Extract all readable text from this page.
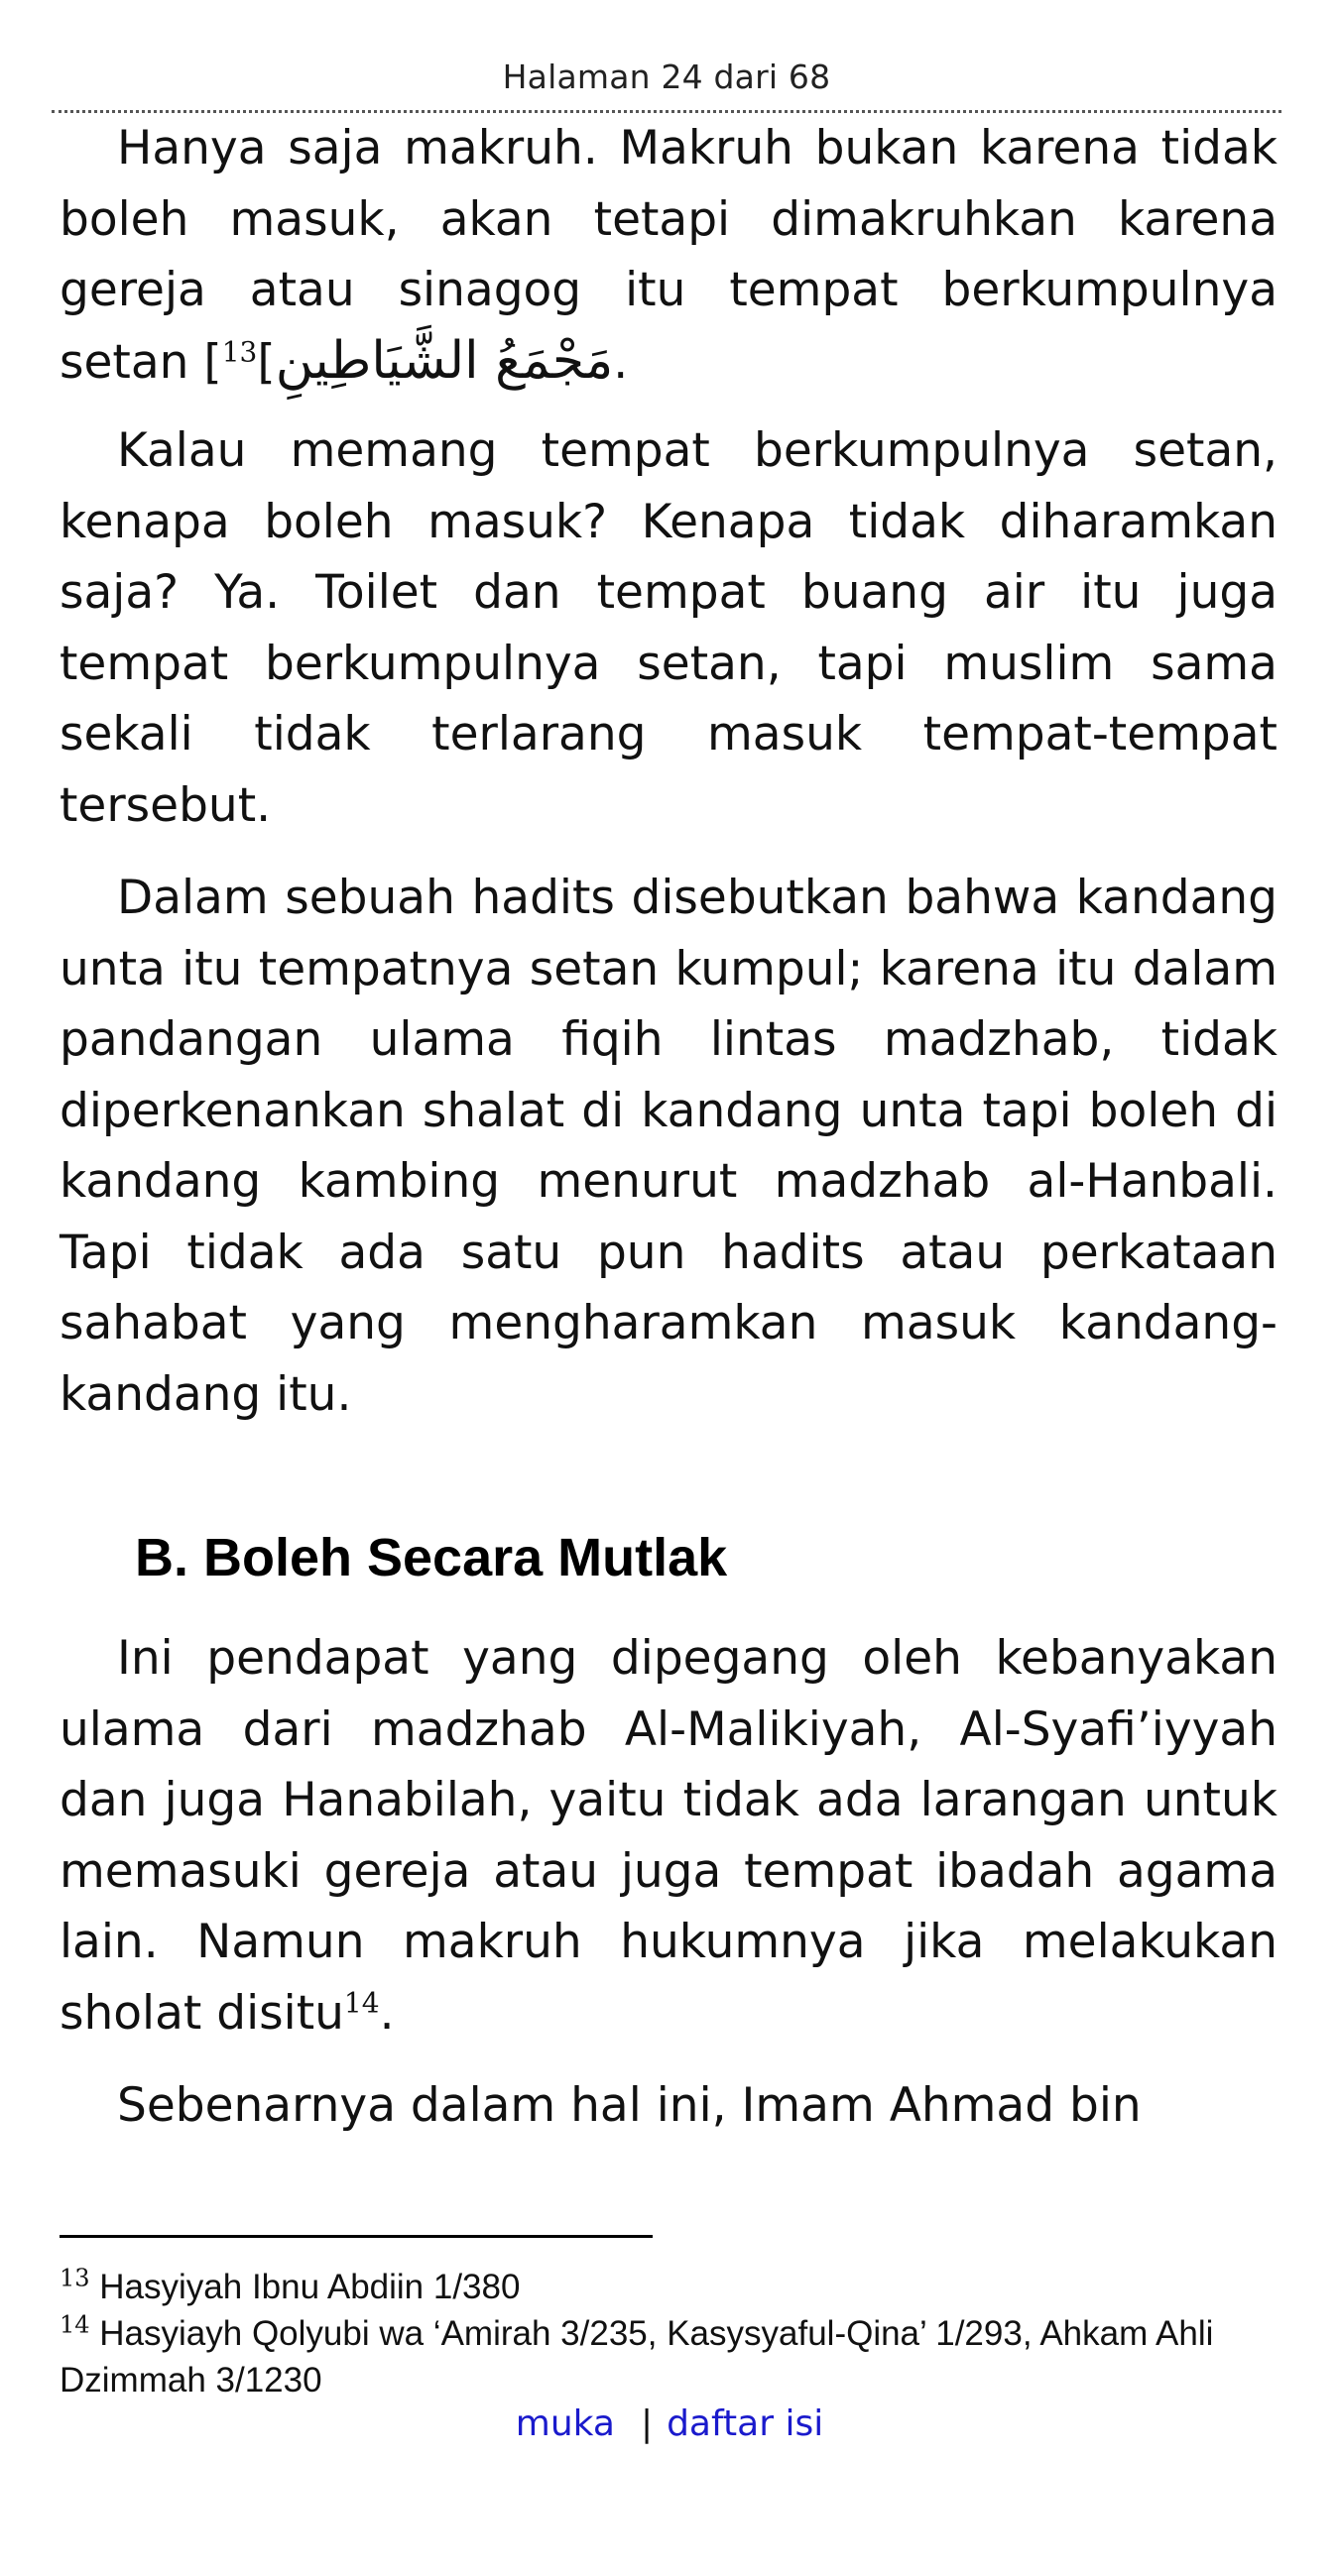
Halaman 24 dari 68

Hanya saja makruh. Makruh bukan karena tidak boleh masuk, akan tetapi dimakruhkan karena gereja atau sinagog itu tempat berkumpulnya setan [ مَجْمَعُ الشَّيَاطِينِ]$^{13}$	.

Kalau memang tempat berkumpulnya setan, kenapa boleh masuk? Kenapa tidak diharamkan saja? Ya. Toilet dan tempat buang air itu juga tempat berkumpulnya setan, tapi muslim sama sekali tidak terlarang masuk tempat-tempat tersebut.

Dalam sebuah hadits disebutkan bahwa kandang unta itu tempatnya setan kumpul; karena itu dalam pandangan ulama fiqih lintas madzhab, tidak diperkenankan shalat di kandang unta tapi boleh di kandang kambing menurut madzhab al-Hanbali. Tapi tidak ada satu pun hadits atau perkataan sahabat yang mengharamkan masuk kandang-kandang itu.

B. Boleh Secara Mutlak

Ini pendapat yang dipegang oleh kebanyakan ulama dari madzhab Al-Malikiyah, Al-Syafi’iyyah dan juga Hanabilah, yaitu tidak ada larangan untuk memasuki gereja atau juga tempat ibadah agama lain. Namun makruh hukumnya jika melakukan sholat disitu$^{14}$.

Sebenarnya dalam hal ini, Imam Ahmad bin

$^{13}$ Hasyiyah Ibnu Abdiin 1/380

$^{14}$ Hasyiayh Qolyubi wa ‘Amirah 3/235, Kasysyaful-Qina’ 1/293, Ahkam Ahli Dzimmah 3/1230

muka | daftar isi
